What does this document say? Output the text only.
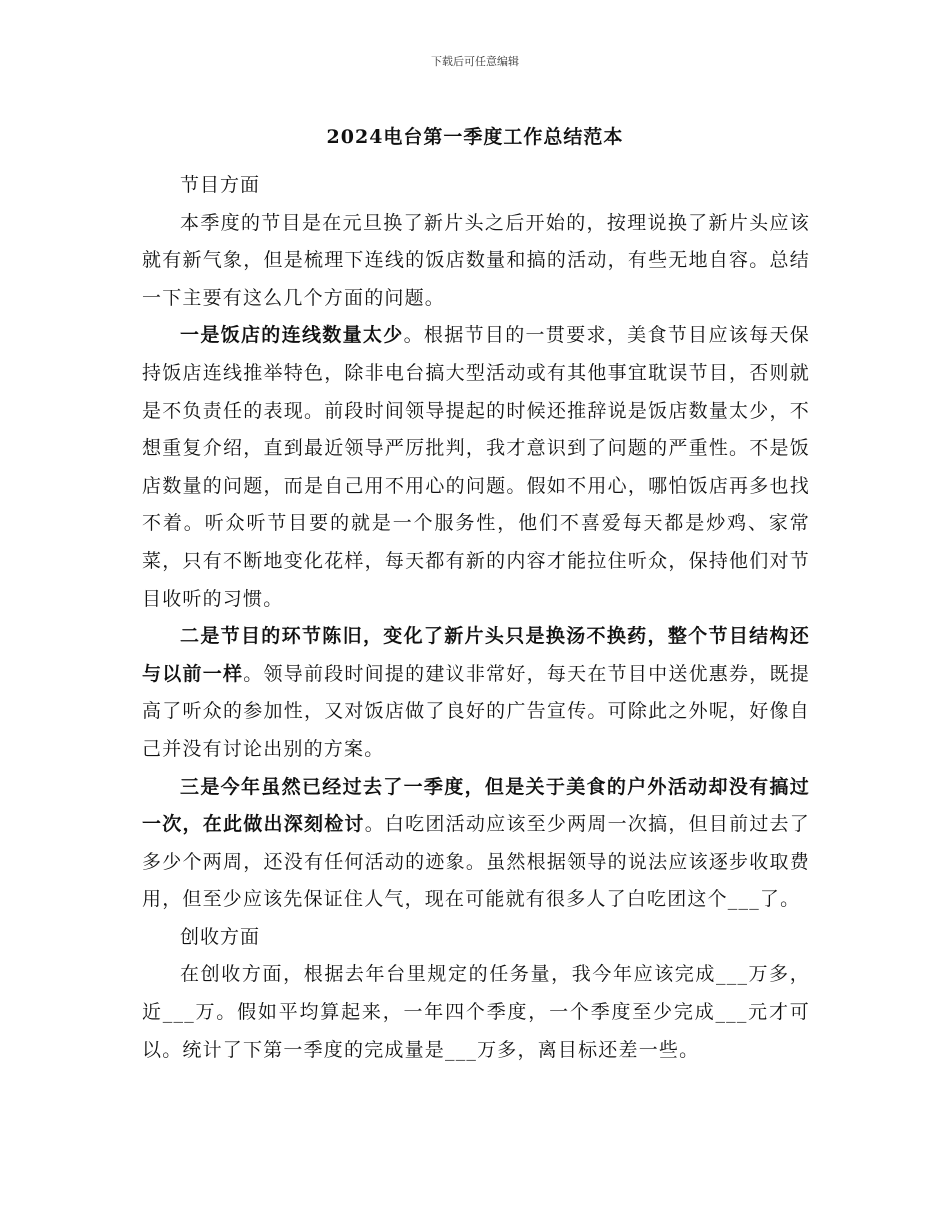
下载后可任意编辑
2024电台第一季度工作总结范本

节目方面

本季度的节目是在元旦换了新片头之后开始的，按理说换了新片头应该就有新气象，但是梳理下连线的饭店数量和搞的活动，有些无地自容。总结一下主要有这么几个方面的问题。

一是饭店的连线数量太少。根据节目的一贯要求，美食节目应该每天保持饭店连线推举特色，除非电台搞大型活动或有其他事宜耽误节目，否则就是不负责任的表现。前段时间领导提起的时候还推辞说是饭店数量太少，不想重复介绍，直到最近领导严厉批判，我才意识到了问题的严重性。不是饭店数量的问题，而是自己用不用心的问题。假如不用心，哪怕饭店再多也找不着。听众听节目要的就是一个服务性，他们不喜爱每天都是炒鸡、家常菜，只有不断地变化花样，每天都有新的内容才能拉住听众，保持他们对节目收听的习惯。

二是节目的环节陈旧，变化了新片头只是换汤不换药，整个节目结构还与以前一样。领导前段时间提的建议非常好，每天在节目中送优惠券，既提高了听众的参加性，又对饭店做了良好的广告宣传。可除此之外呢，好像自己并没有讨论出别的方案。

三是今年虽然已经过去了一季度，但是关于美食的户外活动却没有搞过一次，在此做出深刻检讨。白吃团活动应该至少两周一次搞，但目前过去了多少个两周，还没有任何活动的迹象。虽然根据领导的说法应该逐步收取费用，但至少应该先保证住人气，现在可能就有很多人了白吃团这个___了。

创收方面

在创收方面，根据去年台里规定的任务量，我今年应该完成___万多，近___万。假如平均算起来，一年四个季度，一个季度至少完成___元才可以。统计了下第一季度的完成量是___万多，离目标还差一些。
